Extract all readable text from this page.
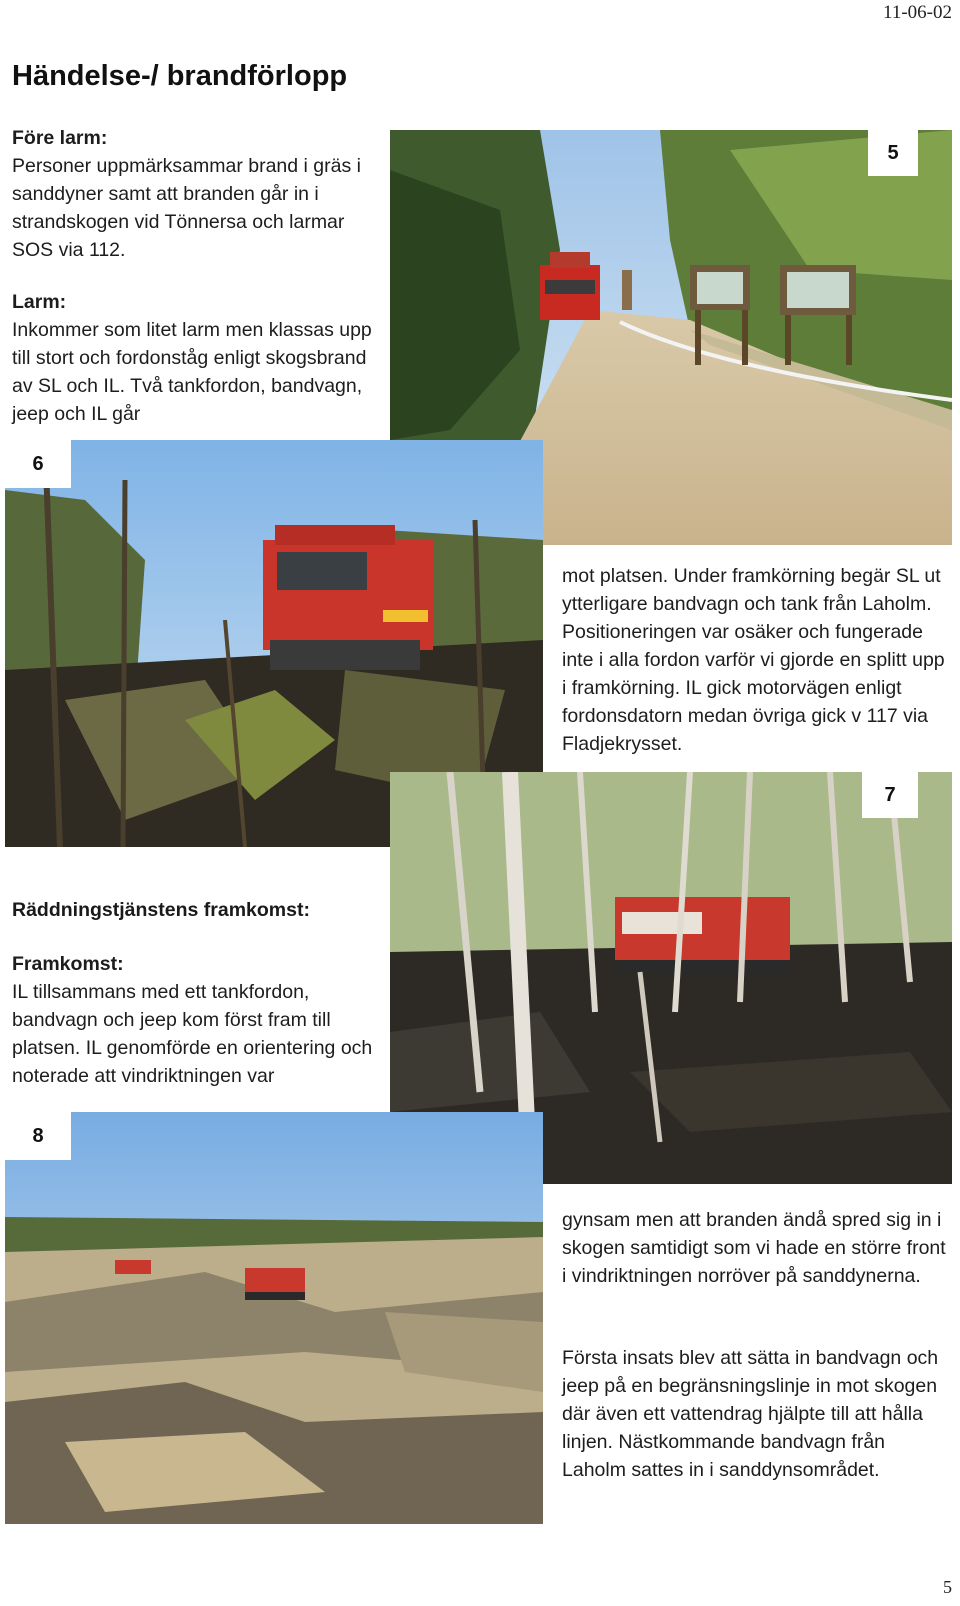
11-06-02
Händelse-/ brandförlopp
Före larm:

Personer uppmärksammar brand i gräs i sanddyner samt att branden går in i strandskogen vid Tönnersa och larmar SOS via 112.

Larm:

Inkommer som litet larm men klassas upp till stort och fordonståg enligt skogsbrand av SL och IL. Två tankfordon, bandvagn, jeep och IL går

5
6

mot platsen. Under framkörning begär SL ut ytterligare bandvagn och tank från Laholm. Positioneringen var osäker och fungerade inte i alla fordon varför vi gjorde en splitt upp i framkörning. IL gick motorvägen enligt fordonsdatorn medan övriga gick v 117 via Fladjekrysset.

7
Räddningstjänstens framkomst:
Framkomst:

IL tillsammans med ett tankfordon, bandvagn och jeep kom först fram till platsen. IL genomförde en orientering och noterade att vindriktningen var

8

gynsam men att branden ändå spred sig in i skogen samtidigt som vi hade en större front i vindriktningen norröver på sanddynerna.

Första insats blev att sätta in bandvagn och jeep på en begränsningslinje in mot skogen där även ett vattendrag hjälpte till att hålla linjen. Nästkommande bandvagn från Laholm sattes in i sanddynsområdet.

5
